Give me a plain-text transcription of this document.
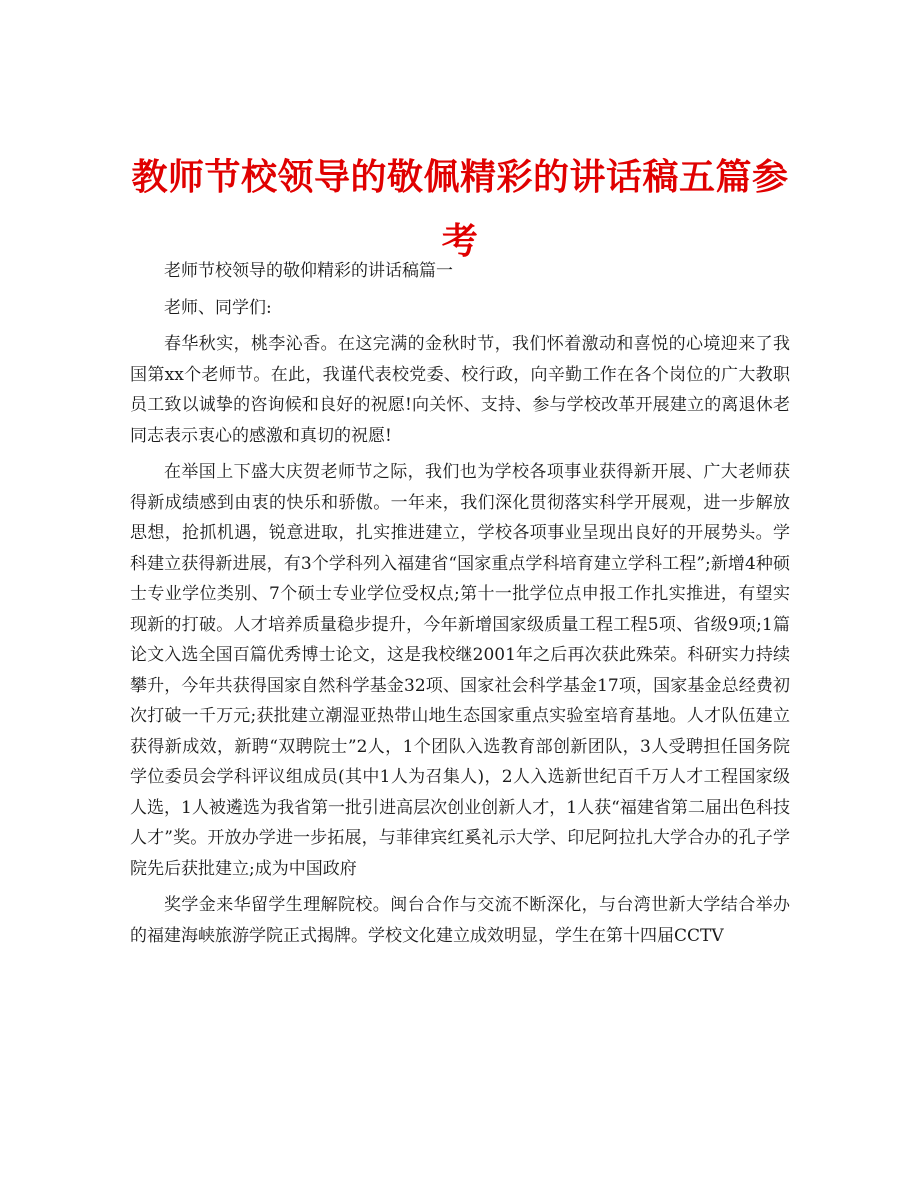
教师节校领导的敬佩精彩的讲话稿五篇参考

老师节校领导的敬仰精彩的讲话稿篇一

老师、同学们:

春华秋实，桃李沁香。在这完满的金秋时节，我们怀着激动和喜悦的心境迎来了我国第xx个老师节。在此，我谨代表校党委、校行政，向辛勤工作在各个岗位的广大教职员工致以诚挚的咨询候和良好的祝愿!向关怀、支持、参与学校改革开展建立的离退休老同志表示衷心的感激和真切的祝愿!

在举国上下盛大庆贺老师节之际，我们也为学校各项事业获得新开展、广大老师获得新成绩感到由衷的快乐和骄傲。一年来，我们深化贯彻落实科学开展观，进一步解放思想，抢抓机遇，锐意进取，扎实推进建立，学校各项事业呈现出良好的开展势头。学科建立获得新进展，有3个学科列入福建省“国家重点学科培育建立学科工程”;新增4种硕士专业学位类别、7个硕士专业学位受权点;第十一批学位点申报工作扎实推进，有望实现新的打破。人才培养质量稳步提升，今年新增国家级质量工程工程5项、省级9项;1篇论文入选全国百篇优秀博士论文，这是我校继2001年之后再次获此殊荣。科研实力持续攀升，今年共获得国家自然科学基金32项、国家社会科学基金17项，国家基金总经费初次打破一千万元;获批建立潮湿亚热带山地生态国家重点实验室培育基地。人才队伍建立获得新成效，新聘“双聘院士”2人，1个团队入选教育部创新团队，3人受聘担任国务院学位委员会学科评议组成员(其中1人为召集人)，2人入选新世纪百千万人才工程国家级人选，1人被遴选为我省第一批引进高层次创业创新人才，1人获“福建省第二届出色科技人才”奖。开放办学进一步拓展，与菲律宾红奚礼示大学、印尼阿拉扎大学合办的孔子学院先后获批建立;成为中国政府

奖学金来华留学生理解院校。闽台合作与交流不断深化，与台湾世新大学结合举办的福建海峡旅游学院正式揭牌。学校文化建立成效明显，学生在第十四届CCTV
